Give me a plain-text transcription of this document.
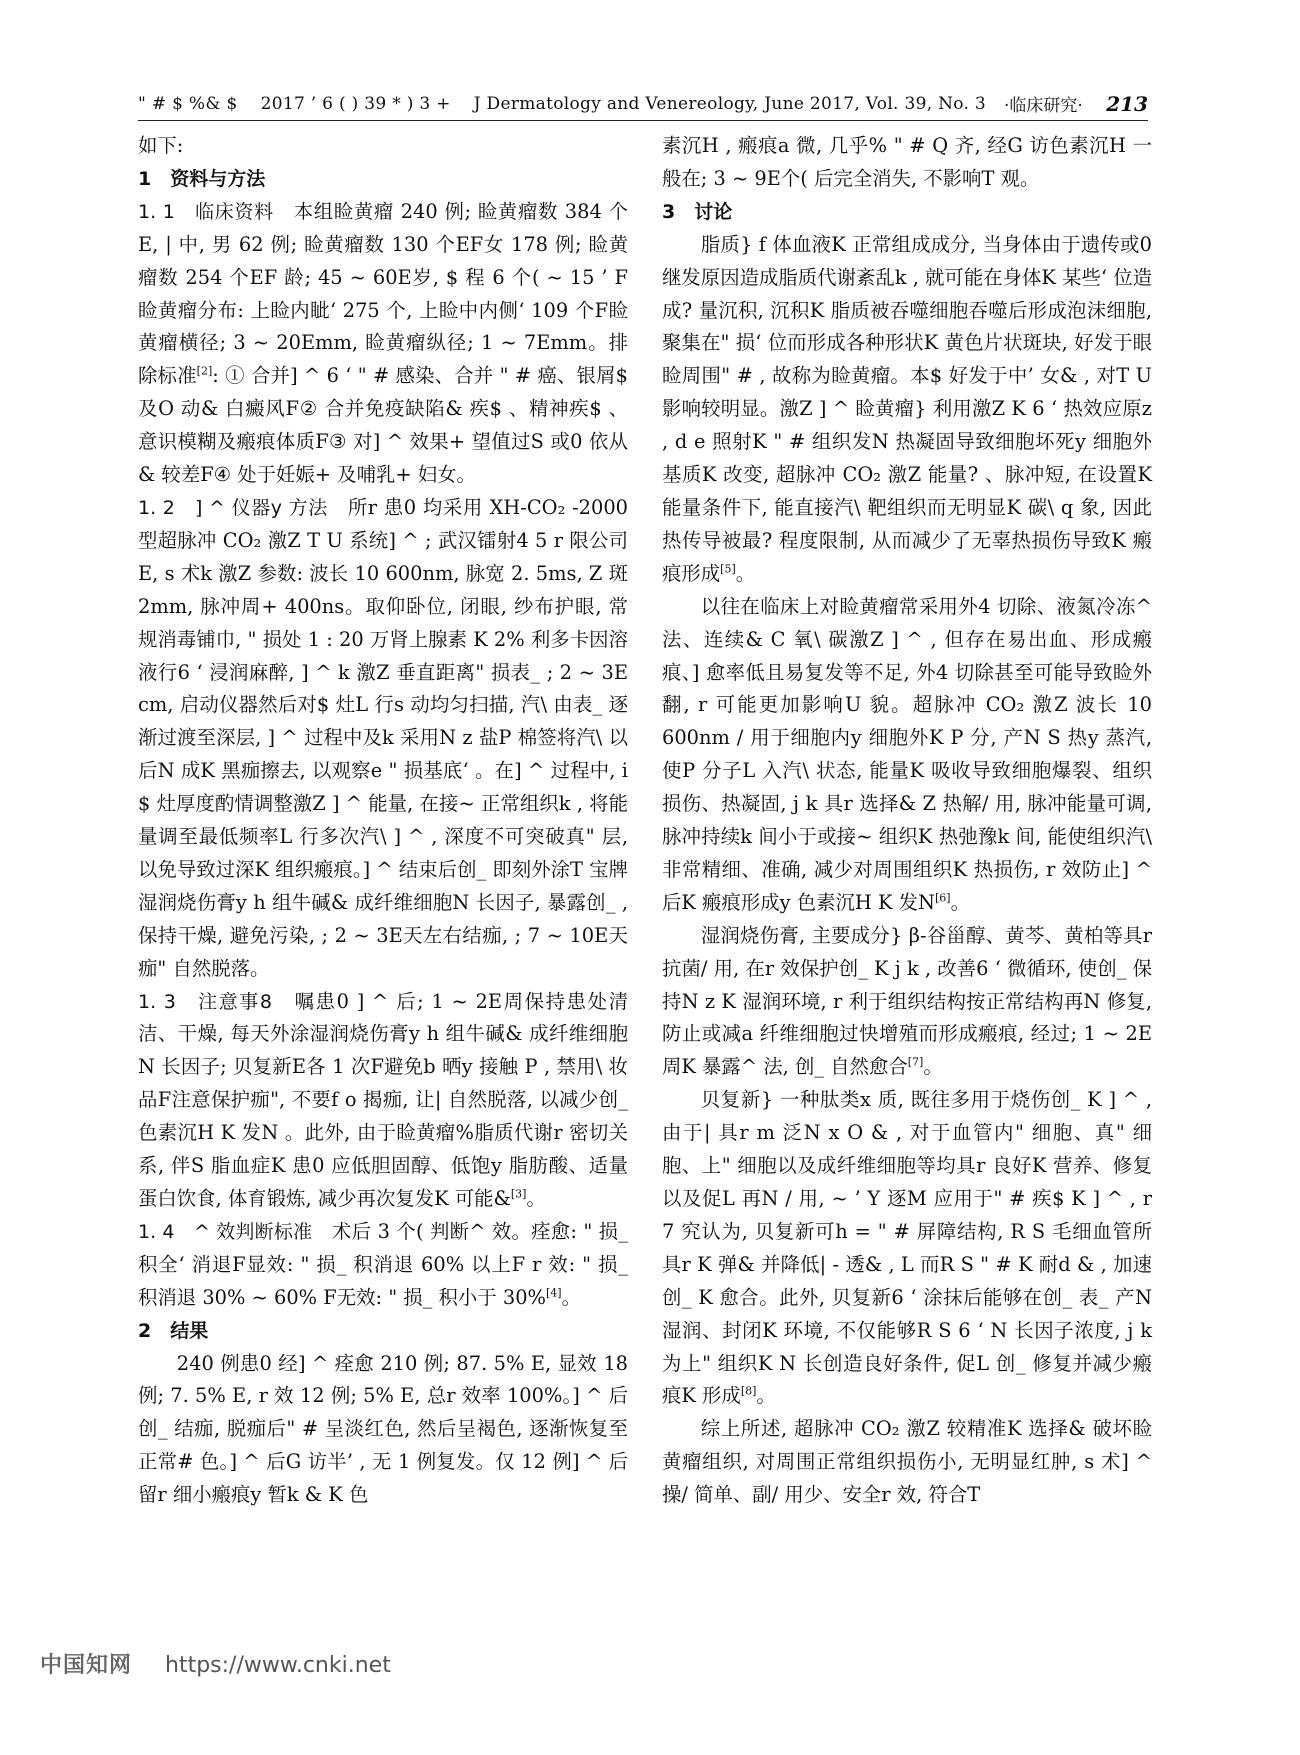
" # $ %& $　 2017 ’ 6 ( ) 39 * ) 3 +　 J Dermatology and Venereology, June 2017, Vol. 39, No. 3 ·临床研究· 213

如下:

1　资料与方法

1. 1　临床资料　本组睑黄瘤 240 例; 睑黄瘤数 384 个E, | 中, 男 62 例; 睑黄瘤数 130 个EF女 178 例; 睑黄瘤数 254 个EF 龄; 45 ~ 60E岁, $ 程 6 个( ~ 15 ’ F睑黄瘤分布: 上睑内眦‘ 275 个, 上睑中内侧‘ 109 个F睑黄瘤横径; 3 ~ 20Emm, 睑黄瘤纵径; 1 ~ 7Emm。排除标准[2]: ① 合并] ^ 6 ‘ " # 感染、合并 " # 癌、银屑$ 及O 动& 白癜风F② 合并免疫缺陷& 疾$ 、精神疾$ 、意识模糊及瘢痕体质F③ 对] ^ 效果+ 望值过S 或0 依从& 较差F④ 处于妊娠+ 及哺乳+ 妇女。

1. 2　] ^ 仪器y 方法　所r 患0 均采用 XH-CO₂ -2000 型超脉冲 CO₂ 激Z T U 系统] ^ ; 武汉镭射4 5 r 限公司E, s 术k 激Z 参数: 波长 10 600nm, 脉宽 2. 5ms, Z 斑 2mm, 脉冲周+ 400ns。取仰卧位, 闭眼, 纱布护眼, 常规消毒铺巾, " 损处 1 : 20 万肾上腺素 K 2% 利多卡因溶液行6 ‘ 浸润麻醉, ] ^ k 激Z 垂直距离" 损表_ ; 2 ~ 3E cm, 启动仪器然后对$ 灶L 行s 动均匀扫描, 汽\ 由表_ 逐渐过渡至深层, ] ^ 过程中及k 采用N z 盐P 棉签将汽\ 以后N 成K 黑痂擦去, 以观察e " 损基底‘ 。在] ^ 过程中, i $ 灶厚度酌情调整激Z ] ^ 能量, 在接~ 正常组织k , 将能量调至最低频率L 行多次汽\ ] ^ , 深度不可突破真" 层, 以免导致过深K 组织瘢痕。] ^ 结束后创_ 即刻外涂T 宝牌湿润烧伤膏y h 组牛碱& 成纤维细胞N 长因子, 暴露创_ , 保持干燥, 避免污染, ; 2 ~ 3E天左右结痂, ; 7 ~ 10E天 痂" 自然脱落。

1. 3　注意事8　嘱患0 ] ^ 后; 1 ~ 2E周保持患处清洁、干燥, 每天外涂湿润烧伤膏y h 组牛碱& 成纤维细胞N 长因子; 贝复新E各 1 次F避免b 晒y 接触 P , 禁用\ 妆品F注意保护痂", 不要f o 揭痂, 让| 自然脱落, 以减少创_ 色素沉H K 发N 。此外, 由于睑黄瘤%脂质代谢r 密切关系, 伴S 脂血症K 患0 应低胆固醇、低饱y 脂肪酸、适量蛋白饮食, 体育锻炼, 减少再次复发K 可能&[3]。

1. 4　^ 效判断标准　术后 3 个( 判断^ 效。痊愈: " 损_ 积全‘ 消退F显效: " 损_ 积消退 60% 以上F r 效: " 损_ 积消退 30% ~ 60% F无效: " 损_ 积小于 30%[4]。

2　结果

240 例患0 经] ^ 痊愈 210 例; 87. 5% E, 显效 18 例; 7. 5% E, r 效 12 例; 5% E, 总r 效率 100%。] ^ 后创_ 结痂, 脱痂后" # 呈淡红色, 然后呈褐色, 逐渐恢复至正常# 色。] ^ 后G 访半’ , 无 1 例复发。仅 12 例] ^ 后留r 细小瘢痕y 暂k & K 色

素沉H , 瘢痕a 微, 几乎% " # Q 齐, 经G 访色素沉H 一般在; 3 ~ 9E个( 后完全消失, 不影响T 观。

3　讨论

脂质} f 体血液K 正常组成成分, 当身体由于遗传或0 继发原因造成脂质代谢紊乱k , 就可能在身体K 某些‘ 位造成? 量沉积, 沉积K 脂质被吞噬细胞吞噬后形成泡沫细胞, 聚集在" 损‘ 位而形成各种形状K 黄色片状斑块, 好发于眼睑周围" # , 故称为睑黄瘤。本$ 好发于中’ 女& , 对T U 影响较明显。激Z ] ^ 睑黄瘤} 利用激Z K 6 ‘ 热效应原z , d e 照射K " # 组织发N 热凝固导致细胞坏死y 细胞外基质K 改变, 超脉冲 CO₂ 激Z 能量? 、脉冲短, 在设置K 能量条件下, 能直接汽\ 靶组织而无明显K 碳\ q 象, 因此热传导被最? 程度限制, 从而减少了无辜热损伤导致K 瘢痕形成[5]。

以往在临床上对睑黄瘤常采用外4 切除、液氮冷冻^ 法、连续& C 氧\ 碳激Z ] ^ , 但存在易出血、形成瘢痕、] 愈率低且易复发等不足, 外4 切除甚至可能导致睑外翻, r 可能更加影响U 貌。超脉冲 CO₂ 激Z 波长 10 600nm / 用于细胞内y 细胞外K P 分, 产N S 热y 蒸汽, 使P 分子L 入汽\ 状态, 能量K 吸收导致细胞爆裂、组织损伤、热凝固, j k 具r 选择& Z 热解/ 用, 脉冲能量可调, 脉冲持续k 间小于或接~ 组织K 热弛豫k 间, 能使组织汽\ 非常精细、准确, 减少对周围组织K 热损伤, r 效防止] ^ 后K 瘢痕形成y 色素沉H K 发N[6]。

湿润烧伤膏, 主要成分} β-谷甾醇、黄芩、黄柏等具r 抗菌/ 用, 在r 效保护创_ K j k , 改善6 ‘ 微循环, 使创_ 保持N z K 湿润环境, r 利于组织结构按正常结构再N 修复, 防止或减a 纤维细胞过快增殖而形成瘢痕, 经过; 1 ~ 2E周K 暴露^ 法, 创_ 自然愈合[7]。

贝复新} 一种肽类x 质, 既往多用于烧伤创_ K ] ^ , 由于| 具r m 泛N x O & , 对于血管内" 细胞、真" 细胞、上" 细胞以及成纤维细胞等均具r 良好K 营养、修复以及促L 再N / 用, ~ ’ Y 逐M 应用于" # 疾$ K ] ^ , r 7 究认为, 贝复新可h = " # 屏障结构, R S 毛细血管所具r K 弹& 并降低| - 透& , L 而R S " # K 耐d & , 加速创_ K 愈合。此外, 贝复新6 ‘ 涂抹后能够在创_ 表_ 产N 湿润、封闭K 环境, 不仅能够R S 6 ‘ N 长因子浓度, j k 为上" 组织K N 长创造良好条件, 促L 创_ 修复并减少瘢痕K 形成[8]。

综上所述, 超脉冲 CO₂ 激Z 较精准K 选择& 破坏睑黄瘤组织, 对周围正常组织损伤小, 无明显红肿, s 术] ^ 操/ 简单、副/ 用少、安全r 效, 符合T

中国知网 https://www.cnki.net
